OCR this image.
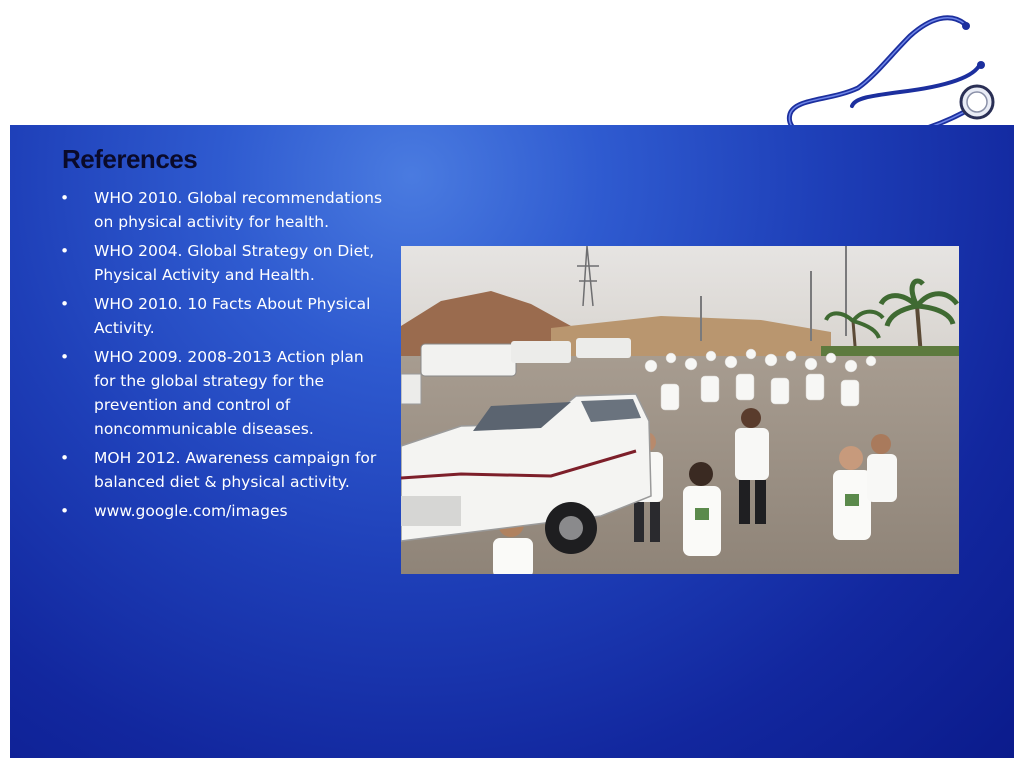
References
• WHO 2010. Global recommendations on physical activity for health.
• WHO 2004. Global Strategy on Diet, Physical Activity and Health.
• WHO 2010. 10 Facts About Physical Activity.
• WHO 2009. 2008-2013 Action plan for the global strategy for the prevention and control of noncommunicable diseases.
• MOH 2012. Awareness campaign for balanced diet & physical activity.
• www.google.com/images
